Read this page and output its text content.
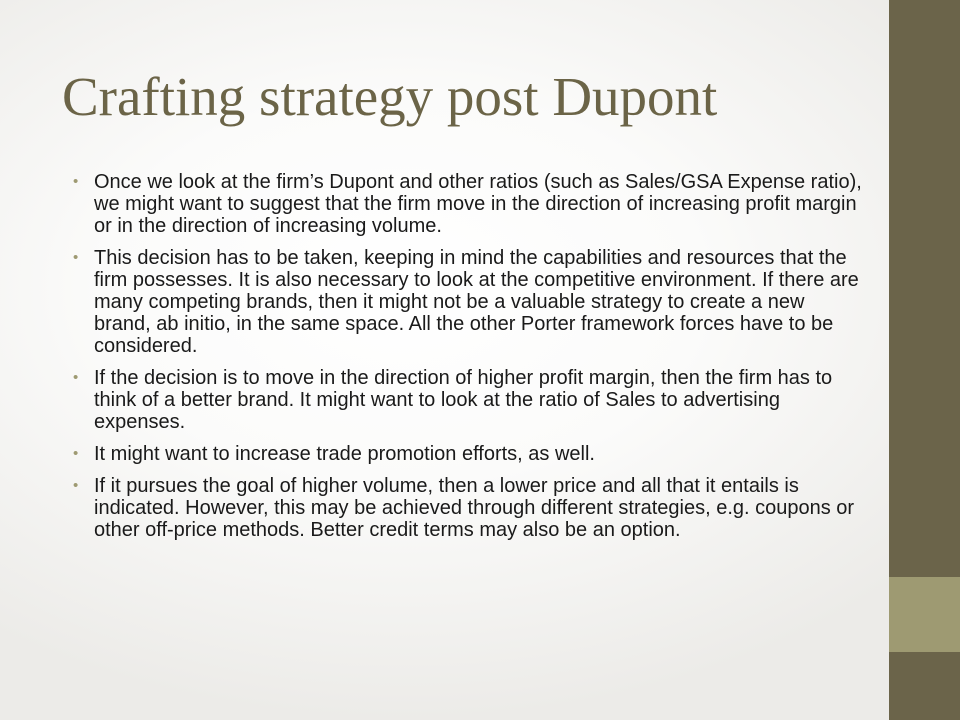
Crafting strategy post Dupont
• Once we look at the firm’s Dupont and other ratios (such as Sales/GSA Expense ratio), we might want to suggest that the firm move in the direction of increasing profit margin or in the direction of increasing volume.
• This decision has to be taken, keeping in mind the capabilities and resources that the firm possesses. It is also necessary to look at the competitive environment. If there are many competing brands, then it might not be a valuable strategy to create a new brand, ab initio, in the same space. All the other Porter framework forces have to be considered.
• If the decision is to move in the direction of higher profit margin, then the firm has to think of a better brand. It might want to look at the ratio of Sales to advertising expenses.
• It might want to increase trade promotion efforts, as well.
• If it pursues the goal of higher volume, then a lower price and all that it entails is indicated. However, this may be achieved through different strategies, e.g. coupons or other off-price methods. Better credit terms may also be an option.
